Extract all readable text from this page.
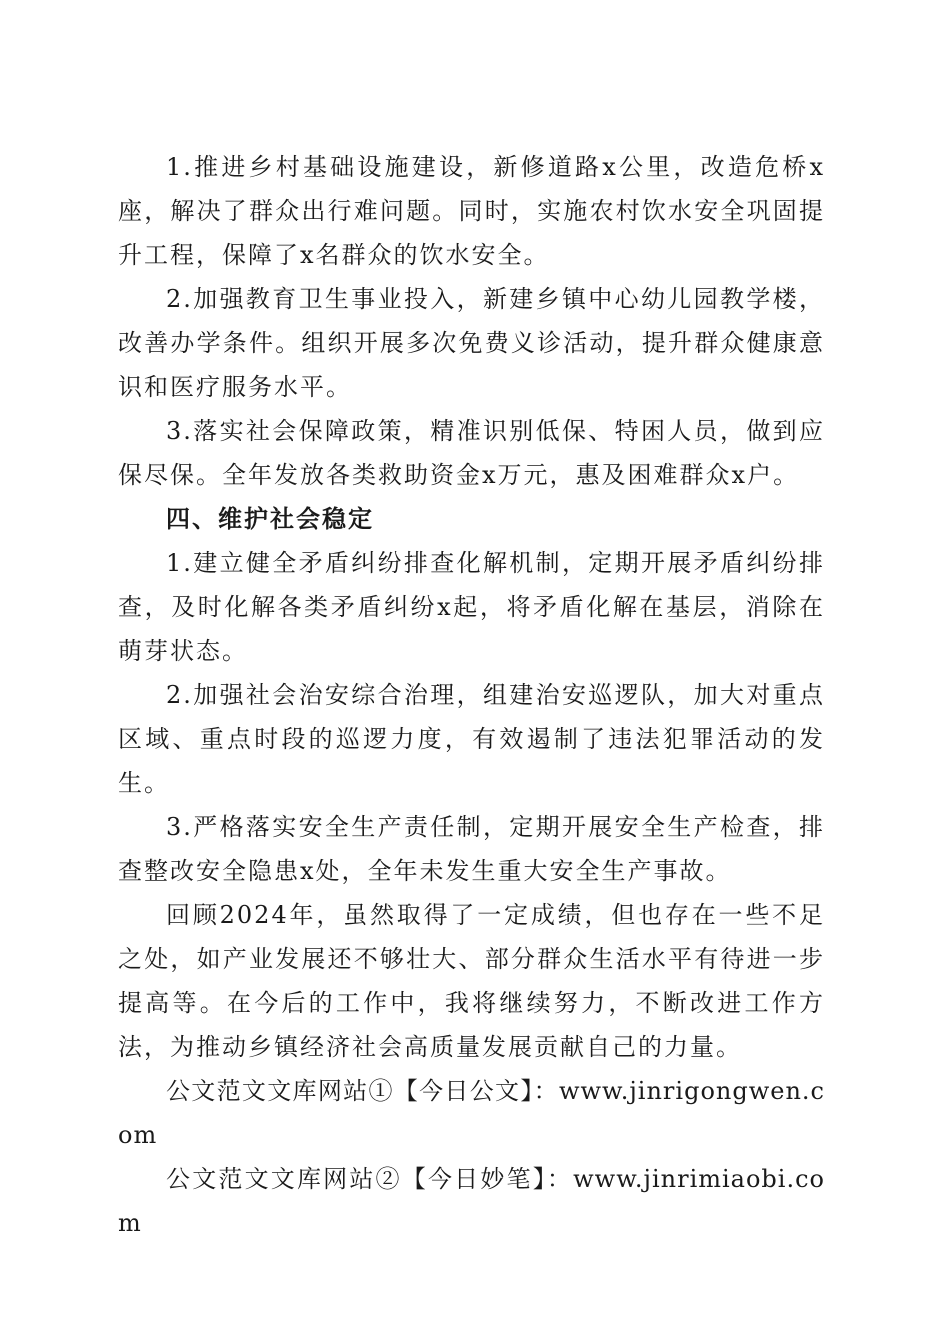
1.推进乡村基础设施建设，新修道路x公里，改造危桥x座，解决了群众出行难问题。同时，实施农村饮水安全巩固提升工程，保障了x名群众的饮水安全。

2.加强教育卫生事业投入，新建乡镇中心幼儿园教学楼，改善办学条件。组织开展多次免费义诊活动，提升群众健康意识和医疗服务水平。

3.落实社会保障政策，精准识别低保、特困人员，做到应保尽保。全年发放各类救助资金x万元，惠及困难群众x户。

四、维护社会稳定

1.建立健全矛盾纠纷排查化解机制，定期开展矛盾纠纷排查，及时化解各类矛盾纠纷x起，将矛盾化解在基层，消除在萌芽状态。

2.加强社会治安综合治理，组建治安巡逻队，加大对重点区域、重点时段的巡逻力度，有效遏制了违法犯罪活动的发生。

3.严格落实安全生产责任制，定期开展安全生产检查，排查整改安全隐患x处，全年未发生重大安全生产事故。

回顾2024年，虽然取得了一定成绩，但也存在一些不足之处，如产业发展还不够壮大、部分群众生活水平有待进一步提高等。在今后的工作中，我将继续努力，不断改进工作方法，为推动乡镇经济社会高质量发展贡献自己的力量。

公文范文文库网站①【今日公文】：www.jinrigongwen.com

公文范文文库网站②【今日妙笔】：www.jinrimiaobi.com
